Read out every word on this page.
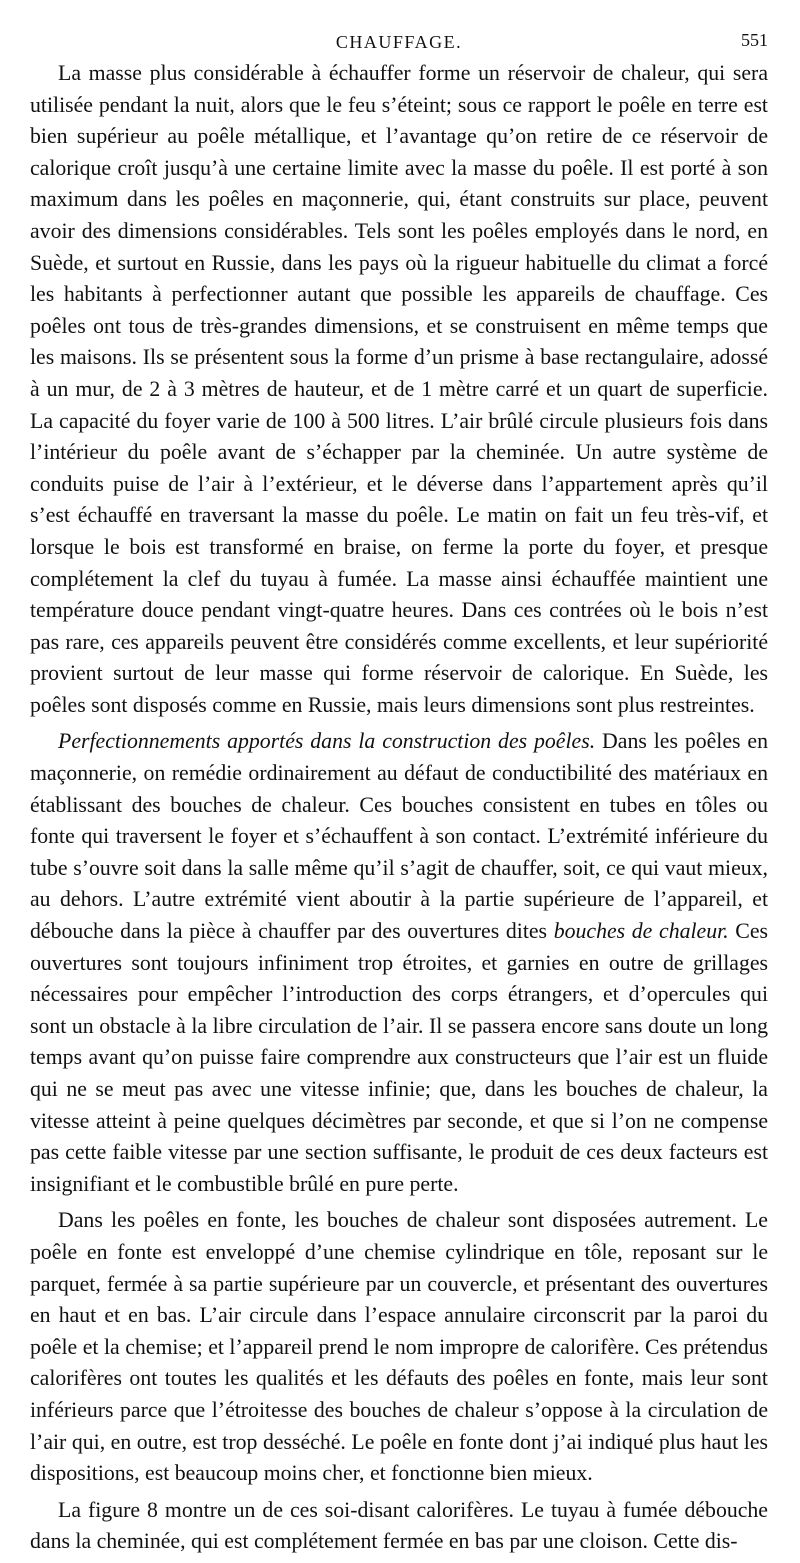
CHAUFFAGE.	551

La masse plus considérable à échauffer forme un réservoir de chaleur, qui sera utilisée pendant la nuit, alors que le feu s’éteint; sous ce rapport le poêle en terre est bien supérieur au poêle métallique, et l’avantage qu’on retire de ce réservoir de calorique croît jusqu’à une certaine limite avec la masse du poêle. Il est porté à son maximum dans les poêles en maçonnerie, qui, étant construits sur place, peuvent avoir des dimensions considérables. Tels sont les poêles employés dans le nord, en Suède, et surtout en Russie, dans les pays où la rigueur habituelle du climat a forcé les habitants à perfectionner autant que possible les appareils de chauffage. Ces poêles ont tous de très-grandes dimensions, et se construisent en même temps que les maisons. Ils se présentent sous la forme d’un prisme à base rectangulaire, adossé à un mur, de 2 à 3 mètres de hauteur, et de 1 mètre carré et un quart de superficie. La capacité du foyer varie de 100 à 500 litres. L’air brûlé circule plusieurs fois dans l’intérieur du poêle avant de s’échapper par la cheminée. Un autre système de conduits puise de l’air à l’extérieur, et le déverse dans l’appartement après qu’il s’est échauffé en traversant la masse du poêle. Le matin on fait un feu très-vif, et lorsque le bois est transformé en braise, on ferme la porte du foyer, et presque complétement la clef du tuyau à fumée. La masse ainsi échauffée maintient une température douce pendant vingt-quatre heures. Dans ces contrées où le bois n’est pas rare, ces appareils peuvent être considérés comme excellents, et leur supériorité provient surtout de leur masse qui forme réservoir de calorique. En Suède, les poêles sont disposés comme en Russie, mais leurs dimensions sont plus restreintes.

Perfectionnements apportés dans la construction des poêles. Dans les poêles en maçonnerie, on remédie ordinairement au défaut de conductibilité des matériaux en établissant des bouches de chaleur. Ces bouches consistent en tubes en tôles ou fonte qui traversent le foyer et s’échauffent à son contact. L’extrémité inférieure du tube s’ouvre soit dans la salle même qu’il s’agit de chauffer, soit, ce qui vaut mieux, au dehors. L’autre extrémité vient aboutir à la partie supérieure de l’appareil, et débouche dans la pièce à chauffer par des ouvertures dites bouches de chaleur. Ces ouvertures sont toujours infiniment trop étroites, et garnies en outre de grillages nécessaires pour empêcher l’introduction des corps étrangers, et d’opercules qui sont un obstacle à la libre circulation de l’air. Il se passera encore sans doute un long temps avant qu’on puisse faire comprendre aux constructeurs que l’air est un fluide qui ne se meut pas avec une vitesse infinie; que, dans les bouches de chaleur, la vitesse atteint à peine quelques décimètres par seconde, et que si l’on ne compense pas cette faible vitesse par une section suffisante, le produit de ces deux facteurs est insignifiant et le combustible brûlé en pure perte.

Dans les poêles en fonte, les bouches de chaleur sont disposées autrement. Le poêle en fonte est enveloppé d’une chemise cylindrique en tôle, reposant sur le parquet, fermée à sa partie supérieure par un couvercle, et présentant des ouvertures en haut et en bas. L’air circule dans l’espace annulaire circonscrit par la paroi du poêle et la chemise; et l’appareil prend le nom impropre de calorifère. Ces prétendus calorifères ont toutes les qualités et les défauts des poêles en fonte, mais leur sont inférieurs parce que l’étroitesse des bouches de chaleur s’oppose à la circulation de l’air qui, en outre, est trop desséché. Le poêle en fonte dont j’ai indiqué plus haut les dispositions, est beaucoup moins cher, et fonctionne bien mieux.

La figure 8 montre un de ces soi-disant calorifères. Le tuyau à fumée débouche dans la cheminée, qui est complétement fermée en bas par une cloison. Cette dis-
